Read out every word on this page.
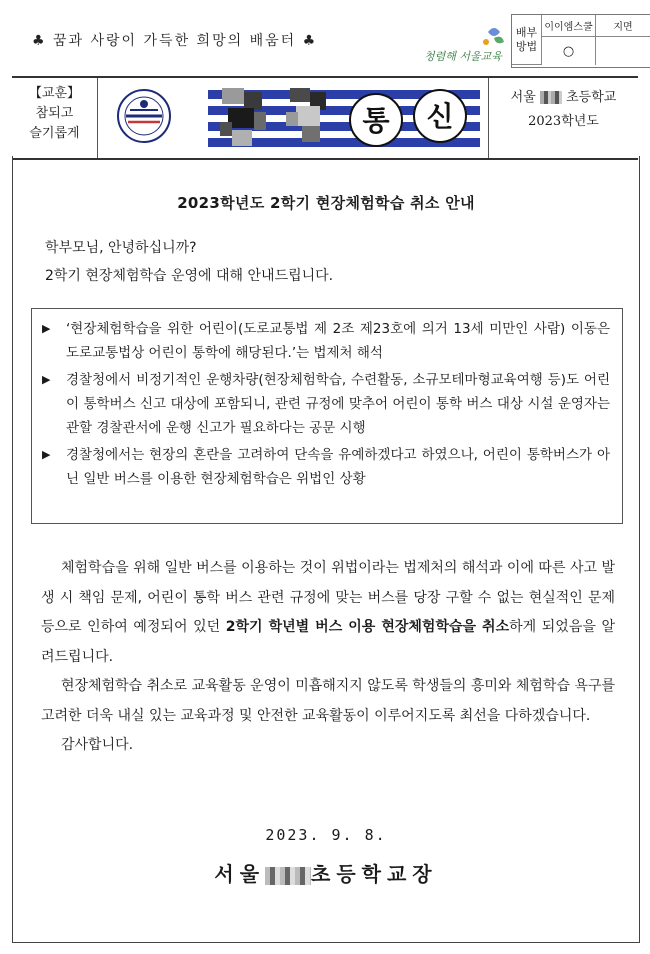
♣ 꿈과 사랑이 가득한 희망의 배움터 ♣
청렴해 서울교육
배부
방법
이이엠스쿨	지면
○
【교훈】
참되고
슬기롭게	통 신
서울 초등학교
2023학년도
2023학년도 2학기 현장체험학습 취소 안내
학부모님, 안녕하십니까?
2학기 현장체험학습 운영에 대해 안내드립니다.
▶ ‘현장체험학습을 위한 어린이(도로교통법 제 2조 제23호에 의거 13세 미만인 사람) 이동은 도로교통법상 어린이 통학에 해당된다.’는 법제처 해석
▶ 경찰청에서 비정기적인 운행차량(현장체험학습, 수련활동, 소규모테마형교육여행 등)도 어린이 통학버스 신고 대상에 포함되니, 관련 규정에 맞추어 어린이 통학 버스 대상 시설 운영자는 관할 경찰관서에 운행 신고가 필요하다는 공문 시행
▶ 경찰청에서는 현장의 혼란을 고려하여 단속을 유예하겠다고 하였으나, 어린이 통학버스가 아닌 일반 버스를 이용한 현장체험학습은 위법인 상황

체험학습을 위해 일반 버스를 이용하는 것이 위법이라는 법제처의 해석과 이에 따른 사고 발생 시 책임 문제, 어린이 통학 버스 관련 규정에 맞는 버스를 당장 구할 수 없는 현실적인 문제 등으로 인하여 예정되어 있던 2학기 학년별 버스 이용 현장체험학습을 취소하게 되었음을 알려드립니다.

현장체험학습 취소로 교육활동 운영이 미흡해지지 않도록 학생들의 흥미와 체험학습 욕구를 고려한 더욱 내실 있는 교육과정 및 안전한 교육활동이 이루어지도록 최선을 다하겠습니다.

감사합니다.

2023. 9. 8.
서울 초등학교장
